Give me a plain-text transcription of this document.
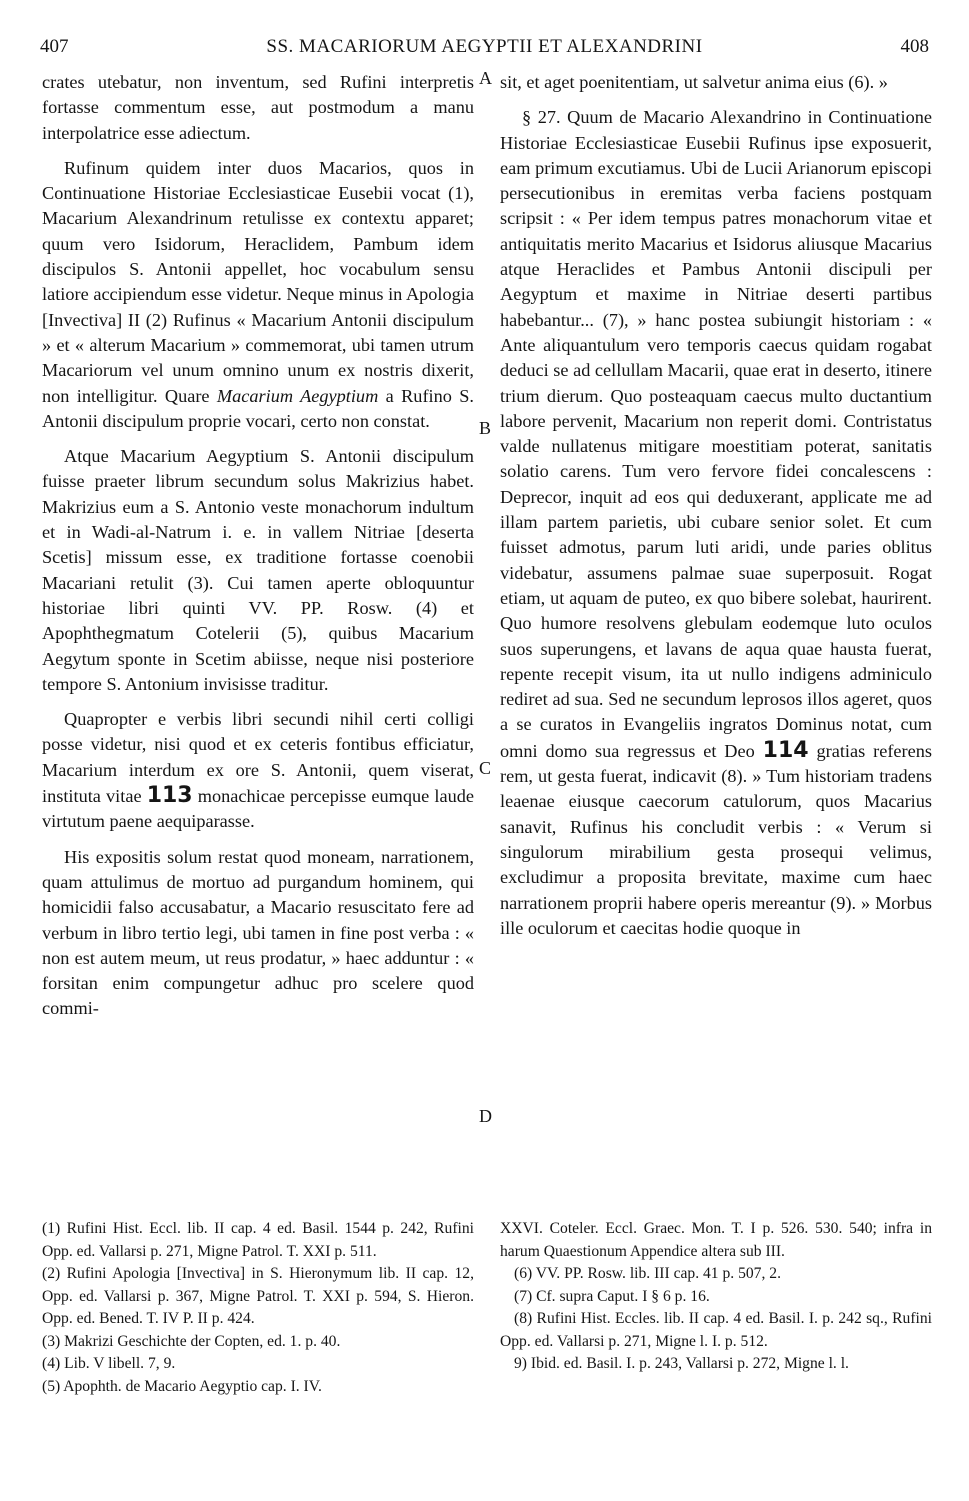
407	SS. MACARIORUM AEGYPTII ET ALEXANDRINI	408

crates utebatur, non inventum, sed Rufini interpretis fortasse commentum esse, aut postmodum a manu interpolatrice esse adiectum.

Rufinum quidem inter duos Macarios, quos in Continuatione Historiae Ecclesiasticae Eusebii vocat (1), Macarium Alexandrinum retulisse ex contextu apparet; quum vero Isidorum, Heraclidem, Pambum idem discipulos S. Antonii appellet, hoc vocabulum sensu latiore accipiendum esse videtur. Neque minus in Apologia [Invectiva] II (2) Rufinus « Macarium Antonii discipulum » et « alterum Macarium » commemorat, ubi tamen utrum Macariorum vel unum omnino unum ex nostris dixerit, non intelligitur. Quare Macarium Aegyptium a Rufino S. Antonii discipulum proprie vocari, certo non constat.

Atque Macarium Aegyptium S. Antonii discipulum fuisse praeter librum secundum solus Makrizius habet. Makrizius eum a S. Antonio veste monachorum indultum et in Wadi-al-Natrum i. e. in vallem Nitriae [deserta Scetis] missum esse, ex traditione fortasse coenobii Macariani retulit (3). Cui tamen aperte obloquuntur historiae libri quinti VV. PP. Rosw. (4) et Apophthegmatum Cotelerii (5), quibus Macarium Aegytum sponte in Scetim abiisse, neque nisi posteriore tempore S. Antonium invisisse traditur.

Quapropter e verbis libri secundi nihil certi colligi posse videtur, nisi quod et ex ceteris fontibus efficiatur, Macarium interdum ex ore S. Antonii, quem viserat, instituta vitae 113 monachicae percepisse eumque laude virtutum paene aequiparasse.

His expositis solum restat quod moneam, narrationem, quam attulimus de mortuo ad purgandum hominem, qui homicidii falso accusabatur, a Macario resuscitato fere ad verbum in libro tertio legi, ubi tamen in fine post verba : « non est autem meum, ut reus prodatur, » haec adduntur : « forsitan enim compungetur adhuc pro scelere quod commi-

A
B
C
D

sit, et aget poenitentiam, ut salvetur anima eius (6). »

§ 27. Quum de Macario Alexandrino in Continuatione Historiae Ecclesiasticae Eusebii Rufinus ipse exposuerit, eam primum excutiamus. Ubi de Lucii Arianorum episcopi persecutionibus in eremitas verba faciens postquam scripsit : « Per idem tempus patres monachorum vitae et antiquitatis merito Macarius et Isidorus aliusque Macarius atque Heraclides et Pambus Antonii discipuli per Aegyptum et maxime in Nitriae deserti partibus habebantur... (7), » hanc postea subiungit historiam : « Ante aliquantulum vero temporis caecus quidam rogabat deduci se ad cellullam Macarii, quae erat in deserto, itinere trium dierum. Quo posteaquam caecus multo ductantium labore pervenit, Macarium non reperit domi. Contristatus valde nullatenus mitigare moestitiam poterat, sanitatis solatio carens. Tum vero fervore fidei concalescens : Deprecor, inquit ad eos qui deduxerant, applicate me ad illam partem parietis, ubi cubare senior solet. Et cum fuisset admotus, parum luti aridi, unde paries oblitus videbatur, assumens palmae suae superposuit. Rogat etiam, ut aquam de puteo, ex quo bibere solebat, haurirent. Quo humore resolvens glebulam eodemque luto oculos suos superungens, et lavans de aqua quae hausta fuerat, repente recepit visum, ita ut nullo indigens adminiculo rediret ad sua. Sed ne secundum leprosos illos ageret, quos a se curatos in Evangeliis ingratos Dominus notat, cum omni domo sua regressus et Deo 114 gratias referens rem, ut gesta fuerat, indicavit (8). » Tum historiam tradens leaenae eiusque caecorum catulorum, quos Macarius sanavit, Rufinus his concludit verbis : « Verum si singulorum mirabilium gesta prosequi velimus, excludimur a proposita brevitate, maxime cum haec narrationem proprii habere operis mereantur (9). » Morbus ille oculorum et caecitas hodie quoque in

(1) Rufini Hist. Eccl. lib. II cap. 4 ed. Basil. 1544 p. 242, Rufini Opp. ed. Vallarsi p. 271, Migne Patrol. T. XXI p. 511.

(2) Rufini Apologia [Invectiva] in S. Hieronymum lib. II cap. 12, Opp. ed. Vallarsi p. 367, Migne Patrol. T. XXI p. 594, S. Hieron. Opp. ed. Bened. T. IV P. II p. 424.

(3) Makrizi Geschichte der Copten, ed. 1. p. 40.

(4) Lib. V libell. 7, 9.

(5) Apophth. de Macario Aegyptio cap. I. IV.

XXVI. Coteler. Eccl. Graec. Mon. T. I p. 526. 530. 540; infra in harum Quaestionum Appendice altera sub III.

(6) VV. PP. Rosw. lib. III cap. 41 p. 507, 2.

(7) Cf. supra Caput. I § 6 p. 16.

(8) Rufini Hist. Eccles. lib. II cap. 4 ed. Basil. I. p. 242 sq., Rufini Opp. ed. Vallarsi p. 271, Migne l. I. p. 512.

9) Ibid. ed. Basil. I. p. 243, Vallarsi p. 272, Migne l. l.
